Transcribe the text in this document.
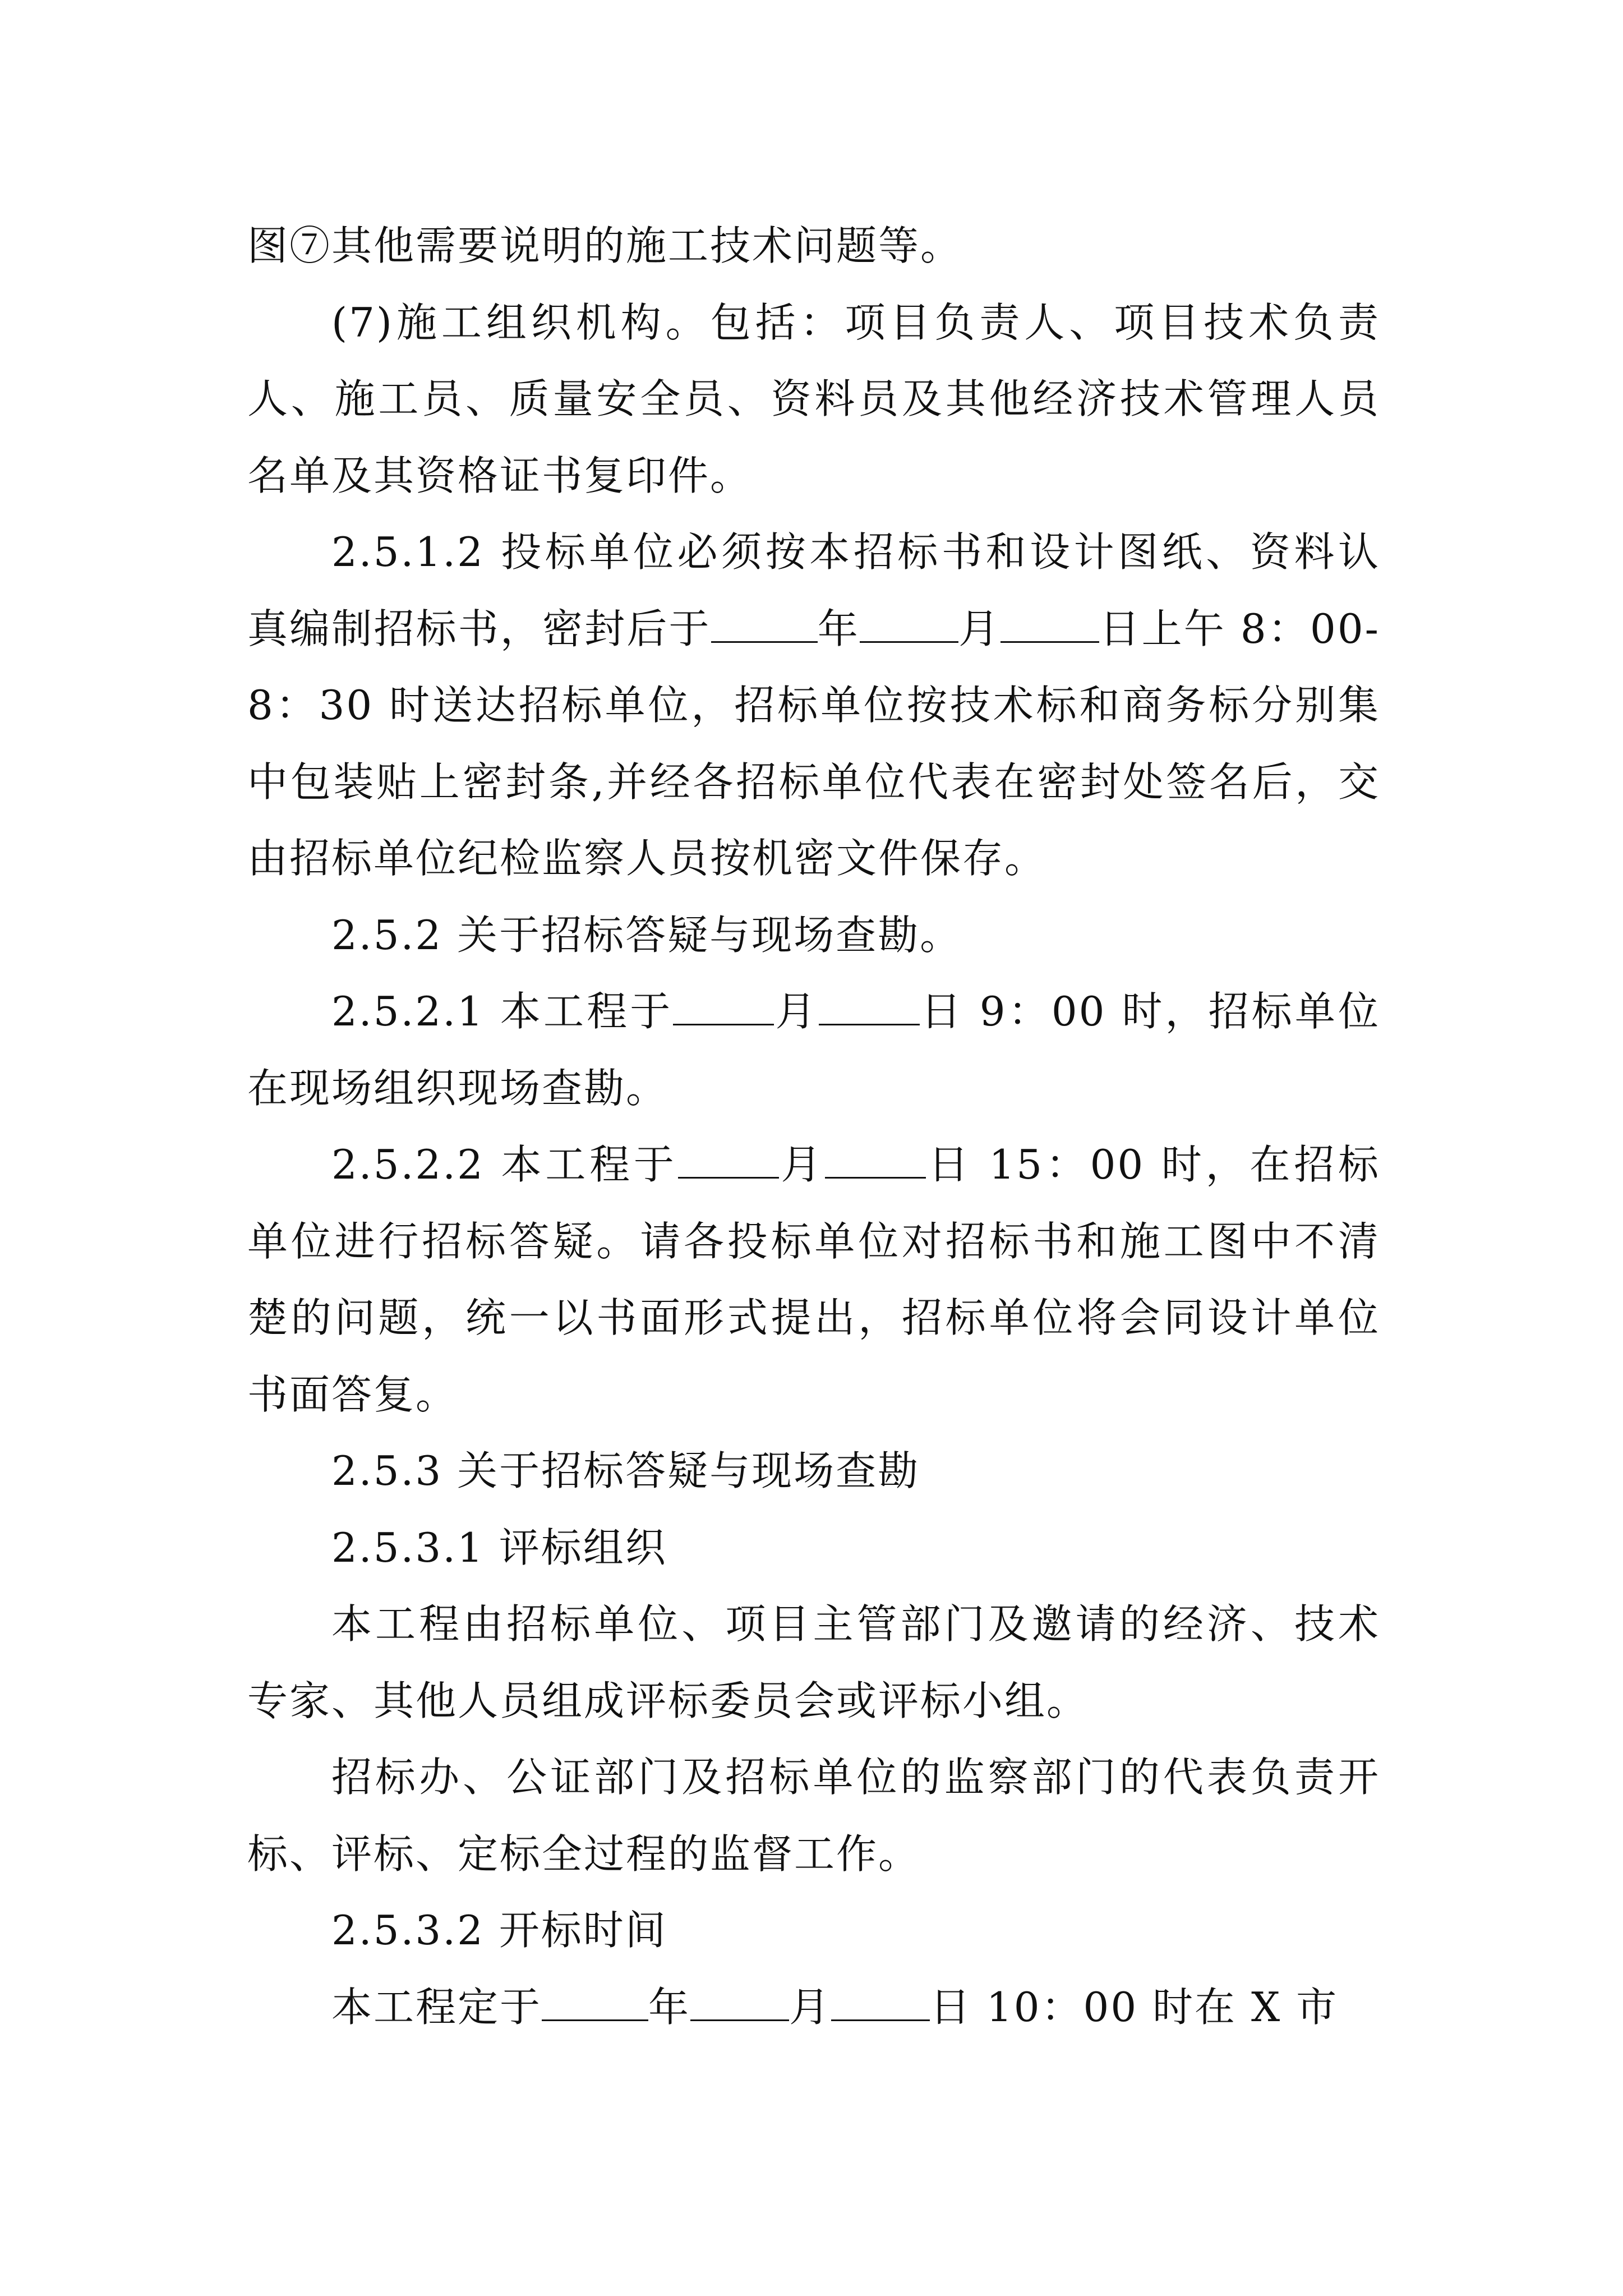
图⑦其他需要说明的施工技术问题等。

(7)施工组织机构。包括：项目负责人、项目技术负责人、施工员、质量安全员、资料员及其他经济技术管理人员名单及其资格证书复印件。

2.5.1.2 投标单位必须按本招标书和设计图纸、资料认真编制招标书，密封后于	年 月 日上午 8：00-8：30 时送达招标单位，招标单位按技术标和商务标分别集中包装贴上密封条,并经各招标单位代表在密封处签名后，交由招标单位纪检监察人员按机密文件保存。

2.5.2 关于招标答疑与现场查勘。

2.5.2.1 本工程于	月	日 9：00 时，招标单位在现场组织现场查勘。

2.5.2.2 本工程于	月	日 15：00 时，在招标单位进行招标答疑。请各投标单位对招标书和施工图中不清楚的问题，统一以书面形式提出，招标单位将会同设计单位书面答复。

2.5.3 关于招标答疑与现场查勘

2.5.3.1 评标组织

本工程由招标单位、项目主管部门及邀请的经济、技术专家、其他人员组成评标委员会或评标小组。

招标办、公证部门及招标单位的监察部门的代表负责开标、评标、定标全过程的监督工作。

2.5.3.2 开标时间

本工程定于	年 月 日 10：00 时在 X 市
